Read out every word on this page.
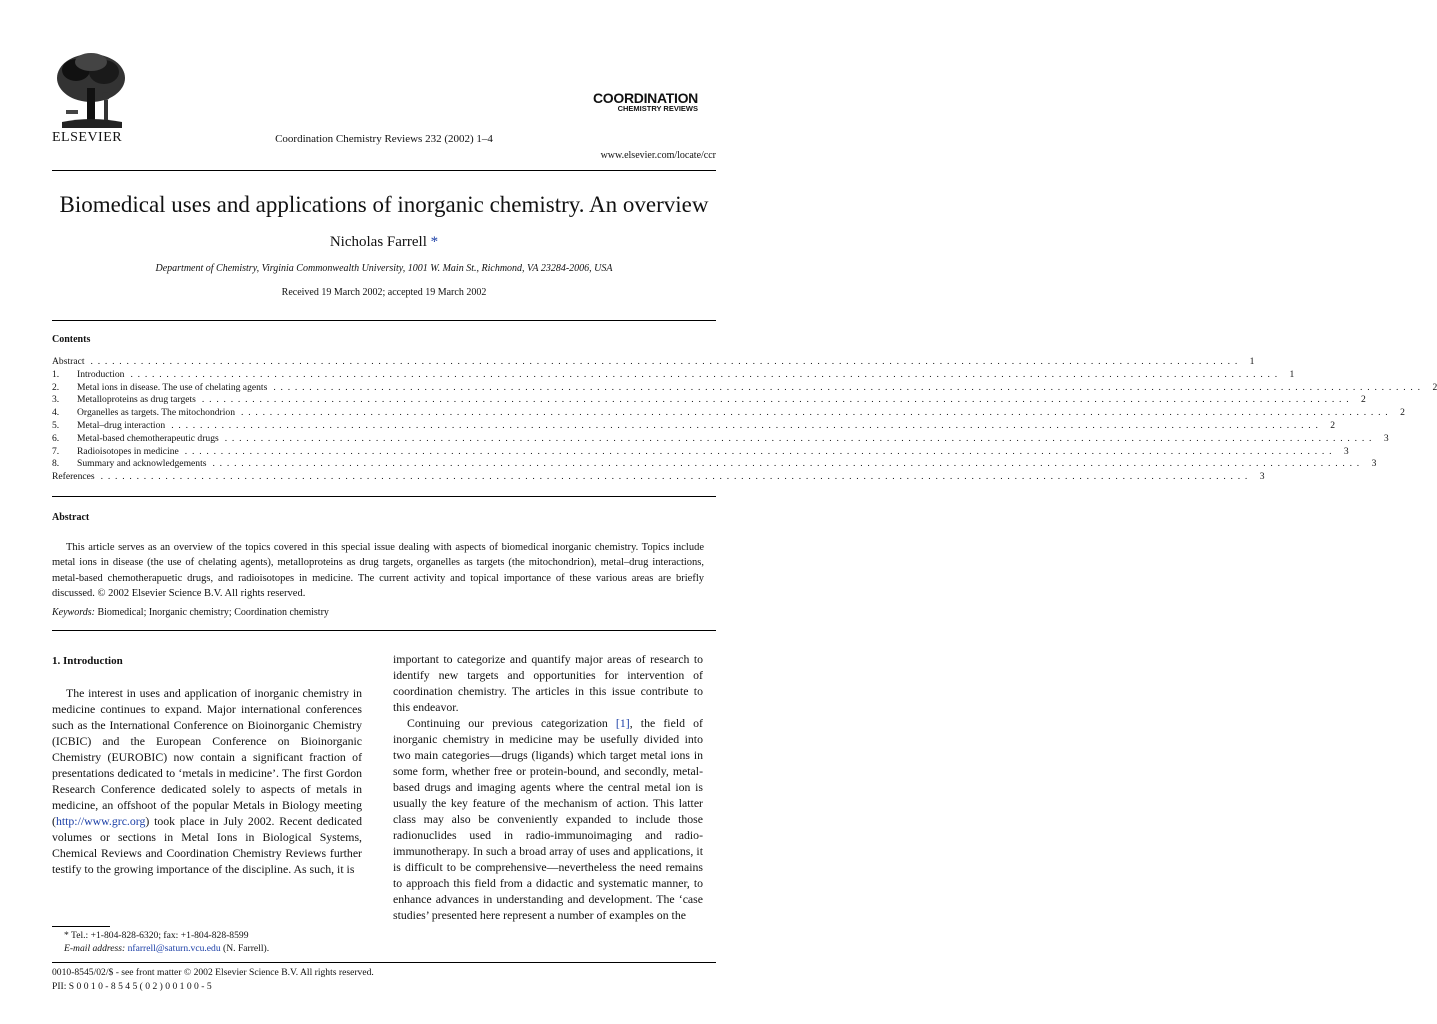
ELSEVIER	Coordination Chemistry Reviews 232 (2002) 1–4
COORDINATION
CHEMISTRY REVIEWS
www.elsevier.com/locate/ccr
Biomedical uses and applications of inorganic chemistry. An overview
Nicholas Farrell *
Department of Chemistry, Virginia Commonwealth University, 1001 W. Main St., Richmond, VA 23284-2006, USA
Received 19 March 2002; accepted 19 March 2002
Contents
Abstract . . . . . . . . . . . . . . . . . . . . . . . . . . . . . . . . . . . . . . . . . . . . . . . . . . . . . . . . . . . . . . . . . . . . . . . . . . . . . . . . . . . . . . . . . . . . . . . . . . . . . . . . . . . . . . . . . . . . . . . . . . . . . . . . . . . . . . . . . . . . . . . . . . . . . . . . . . . . . . . .	1
1.	Introduction . . . . . . . . . . . . . . . . . . . . . . . . . . . . . . . . . . . . . . . . . . . . . . . . . . . . . . . . . . . . . . . . . . . . . . . . . . . . . . . . . . . . . . . . . . . . . . . . . . . . . . . . . . . . . . . . . . . . . . . . . . . . . . . . . . . . . . . . . . . . . . . . . . . . . . . . . . . . . . . .	1
2.	Metal ions in disease. The use of chelating agents . . . . . . . . . . . . . . . . . . . . . . . . . . . . . . . . . . . . . . . . . . . . . . . . . . . . . . . . . . . . . . . . . . . . . . . . . . . . . . . . . . . . . . . . . . . . . . . . . . . . . . . . . . . . . . . . . . . . . . . . . . . . . . . . . . . . . . . . . . . . . . . . . . . . . . . . . . . . . . . .	2
3.	Metalloproteins as drug targets . . . . . . . . . . . . . . . . . . . . . . . . . . . . . . . . . . . . . . . . . . . . . . . . . . . . . . . . . . . . . . . . . . . . . . . . . . . . . . . . . . . . . . . . . . . . . . . . . . . . . . . . . . . . . . . . . . . . . . . . . . . . . . . . . . . . . . . . . . . . . . . . . . . . . . . . . . . . . . . .	2
4.	Organelles as targets. The mitochondrion . . . . . . . . . . . . . . . . . . . . . . . . . . . . . . . . . . . . . . . . . . . . . . . . . . . . . . . . . . . . . . . . . . . . . . . . . . . . . . . . . . . . . . . . . . . . . . . . . . . . . . . . . . . . . . . . . . . . . . . . . . . . . . . . . . . . . . . . . . . . . . . . . . . . . . . . . . . . . . . .	2
5.	Metal–drug interaction . . . . . . . . . . . . . . . . . . . . . . . . . . . . . . . . . . . . . . . . . . . . . . . . . . . . . . . . . . . . . . . . . . . . . . . . . . . . . . . . . . . . . . . . . . . . . . . . . . . . . . . . . . . . . . . . . . . . . . . . . . . . . . . . . . . . . . . . . . . . . . . . . . . . . . . . . . . . . . . .	2
6.	Metal-based chemotherapeutic drugs . . . . . . . . . . . . . . . . . . . . . . . . . . . . . . . . . . . . . . . . . . . . . . . . . . . . . . . . . . . . . . . . . . . . . . . . . . . . . . . . . . . . . . . . . . . . . . . . . . . . . . . . . . . . . . . . . . . . . . . . . . . . . . . . . . . . . . . . . . . . . . . . . . . . . . . . . . . . . . . .	3
7.	Radioisotopes in medicine . . . . . . . . . . . . . . . . . . . . . . . . . . . . . . . . . . . . . . . . . . . . . . . . . . . . . . . . . . . . . . . . . . . . . . . . . . . . . . . . . . . . . . . . . . . . . . . . . . . . . . . . . . . . . . . . . . . . . . . . . . . . . . . . . . . . . . . . . . . . . . . . . . . . . . . . . . . . . . . .	3
8.	Summary and acknowledgements . . . . . . . . . . . . . . . . . . . . . . . . . . . . . . . . . . . . . . . . . . . . . . . . . . . . . . . . . . . . . . . . . . . . . . . . . . . . . . . . . . . . . . . . . . . . . . . . . . . . . . . . . . . . . . . . . . . . . . . . . . . . . . . . . . . . . . . . . . . . . . . . . . . . . . . . . . . . . . . .	3
References . . . . . . . . . . . . . . . . . . . . . . . . . . . . . . . . . . . . . . . . . . . . . . . . . . . . . . . . . . . . . . . . . . . . . . . . . . . . . . . . . . . . . . . . . . . . . . . . . . . . . . . . . . . . . . . . . . . . . . . . . . . . . . . . . . . . . . . . . . . . . . . . . . . . . . . . . . . . . . . .	3
Abstract
This article serves as an overview of the topics covered in this special issue dealing with aspects of biomedical inorganic chemistry. Topics include metal ions in disease (the use of chelating agents), metalloproteins as drug targets, organelles as targets (the mitochondrion), metal–drug interactions, metal-based chemotherapuetic drugs, and radioisotopes in medicine. The current activity and topical importance of these various areas are briefly discussed. © 2002 Elsevier Science B.V. All rights reserved.
Keywords: Biomedical; Inorganic chemistry; Coordination chemistry
1. Introduction

The interest in uses and application of inorganic chemistry in medicine continues to expand. Major international conferences such as the International Conference on Bioinorganic Chemistry (ICBIC) and the European Conference on Bioinorganic Chemistry (EUROBIC) now contain a significant fraction of presentations dedicated to ‘metals in medicine’. The first Gordon Research Conference dedicated solely to aspects of metals in medicine, an offshoot of the popular Metals in Biology meeting (http://www.grc.org) took place in July 2002. Recent dedicated volumes or sections in Metal Ions in Biological Systems, Chemical Reviews and Coordination Chemistry Reviews further testify to the growing importance of the discipline. As such, it is

important to categorize and quantify major areas of research to identify new targets and opportunities for intervention of coordination chemistry. The articles in this issue contribute to this endeavor.

Continuing our previous categorization [1], the field of inorganic chemistry in medicine may be usefully divided into two main categories—drugs (ligands) which target metal ions in some form, whether free or protein-bound, and secondly, metal-based drugs and imaging agents where the central metal ion is usually the key feature of the mechanism of action. This latter class may also be conveniently expanded to include those radionuclides used in radio-immunoimaging and radio-immunotherapy. In such a broad array of uses and applications, it is difficult to be comprehensive—nevertheless the need remains to approach this field from a didactic and systematic manner, to enhance advances in understanding and development. The ‘case studies’ presented here represent a number of examples on the

* Tel.: +1-804-828-6320; fax: +1-804-828-8599
E-mail address: nfarrell@saturn.vcu.edu (N. Farrell).
0010-8545/02/$ - see front matter © 2002 Elsevier Science B.V. All rights reserved.
PII: S 0 0 1 0 - 8 5 4 5 ( 0 2 ) 0 0 1 0 0 - 5
